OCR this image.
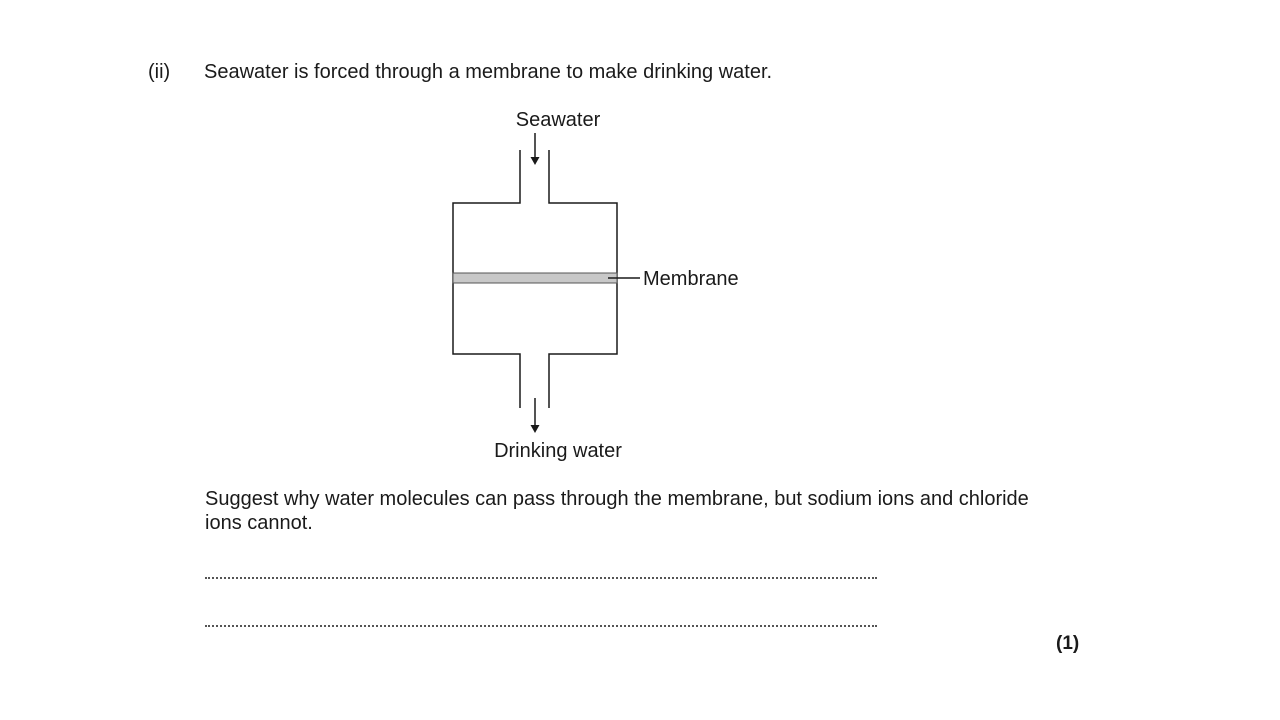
(ii) Seawater is forced through a membrane to make drinking water.
Seawater
Membrane
Drinking water
Suggest why water molecules can pass through the membrane, but sodium ions and chloride ions cannot.
(1)
